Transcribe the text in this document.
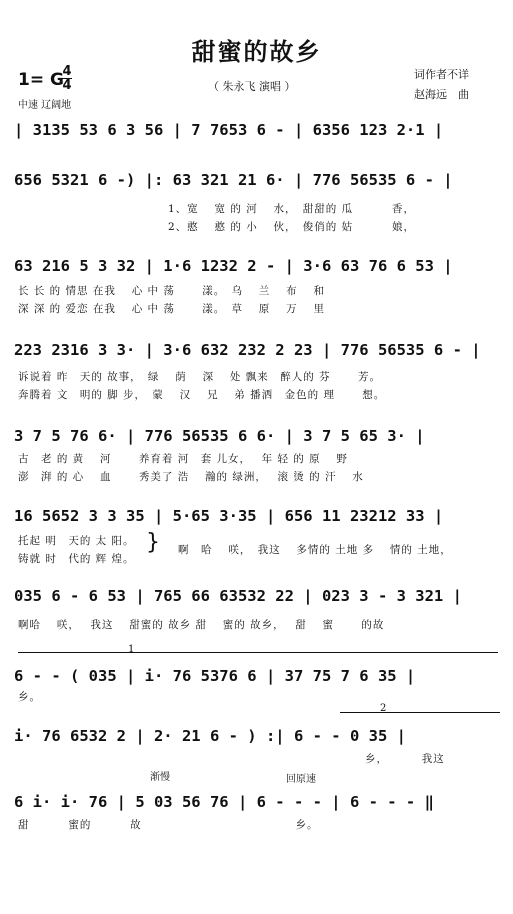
甜蜜的故乡
1= G
4
4	（ 朱永飞 演唱 ）
中速 辽阔地
词作者不详
赵海远　曲
| 3135 53 6 3 56 | 7 7653 6 - | 6356 123 2·1 |
656 5321 6 -) |: 63 321 21 6· | 776 56535 6 - |
1、宽　 宽 的 河　 水，　甜甜的 瓜　　　 香，
2、憨　 憨 的 小　 伙，　俊俏的 姑　　　 娘，
63 216 5 3 32 | 1·6 1232 2 - | 3·6 63 76 6 53 |
长 长 的 情思 在我　 心 中 荡　　 漾。　乌　 兰　 布　 和
深 深 的 爱恋 在我　 心 中 荡　　 漾。　草　 原　 万　 里
223 2316 3 3· | 3·6 632 232 2 23 | 776 56535 6 - |
诉说着 昨　天的 故事，　绿　 荫　 深　 处 飘来　醉人的 芬　　 芳。
奔腾着 文　明的 脚 步，　蒙　 汉　 兄　 弟 播洒　金色的 理　　 想。
3 7 5 76 6· | 776 56535 6 6· | 3 7 5 65 3· |
古　老 的 黄　 河　　 养育着 河　套 儿女，　 年 轻 的 原　 野
澎　湃 的 心　 血　　 秀美了 浩　 瀚的 绿洲，　 滚 烫 的 汗　 水
16 5652 3 3 35 | 5·65 3·35 | 656 11 23212 33 |
托起 明　天的 太 阳。
铸就 时　代的 辉 煌。
} 啊　哈　 咲，　我这　 多情的 土地 多　 情的 土地，
035 6 - 6 53 | 765 66 63532 22 | 023 3 - 3 321 |
啊哈　 咲，　 我这　 甜蜜的 故乡 甜　 蜜的 故乡，　 甜　 蜜　　 的故
1
6 - - ( 035 | i· 76 5376 6 | 37 75 7 6 35 |
乡。
2
i· 76 6532 2 | 2· 21 6 - ) :| 6 - - 0 35 |
乡，　　　 我这
渐慢	回原速
6 i· i· 76 | 5 03 56 76 | 6 - - - | 6 - - - ‖
甜　　　 蜜的　　　 故　　　　　　　　　　　　　 乡。
